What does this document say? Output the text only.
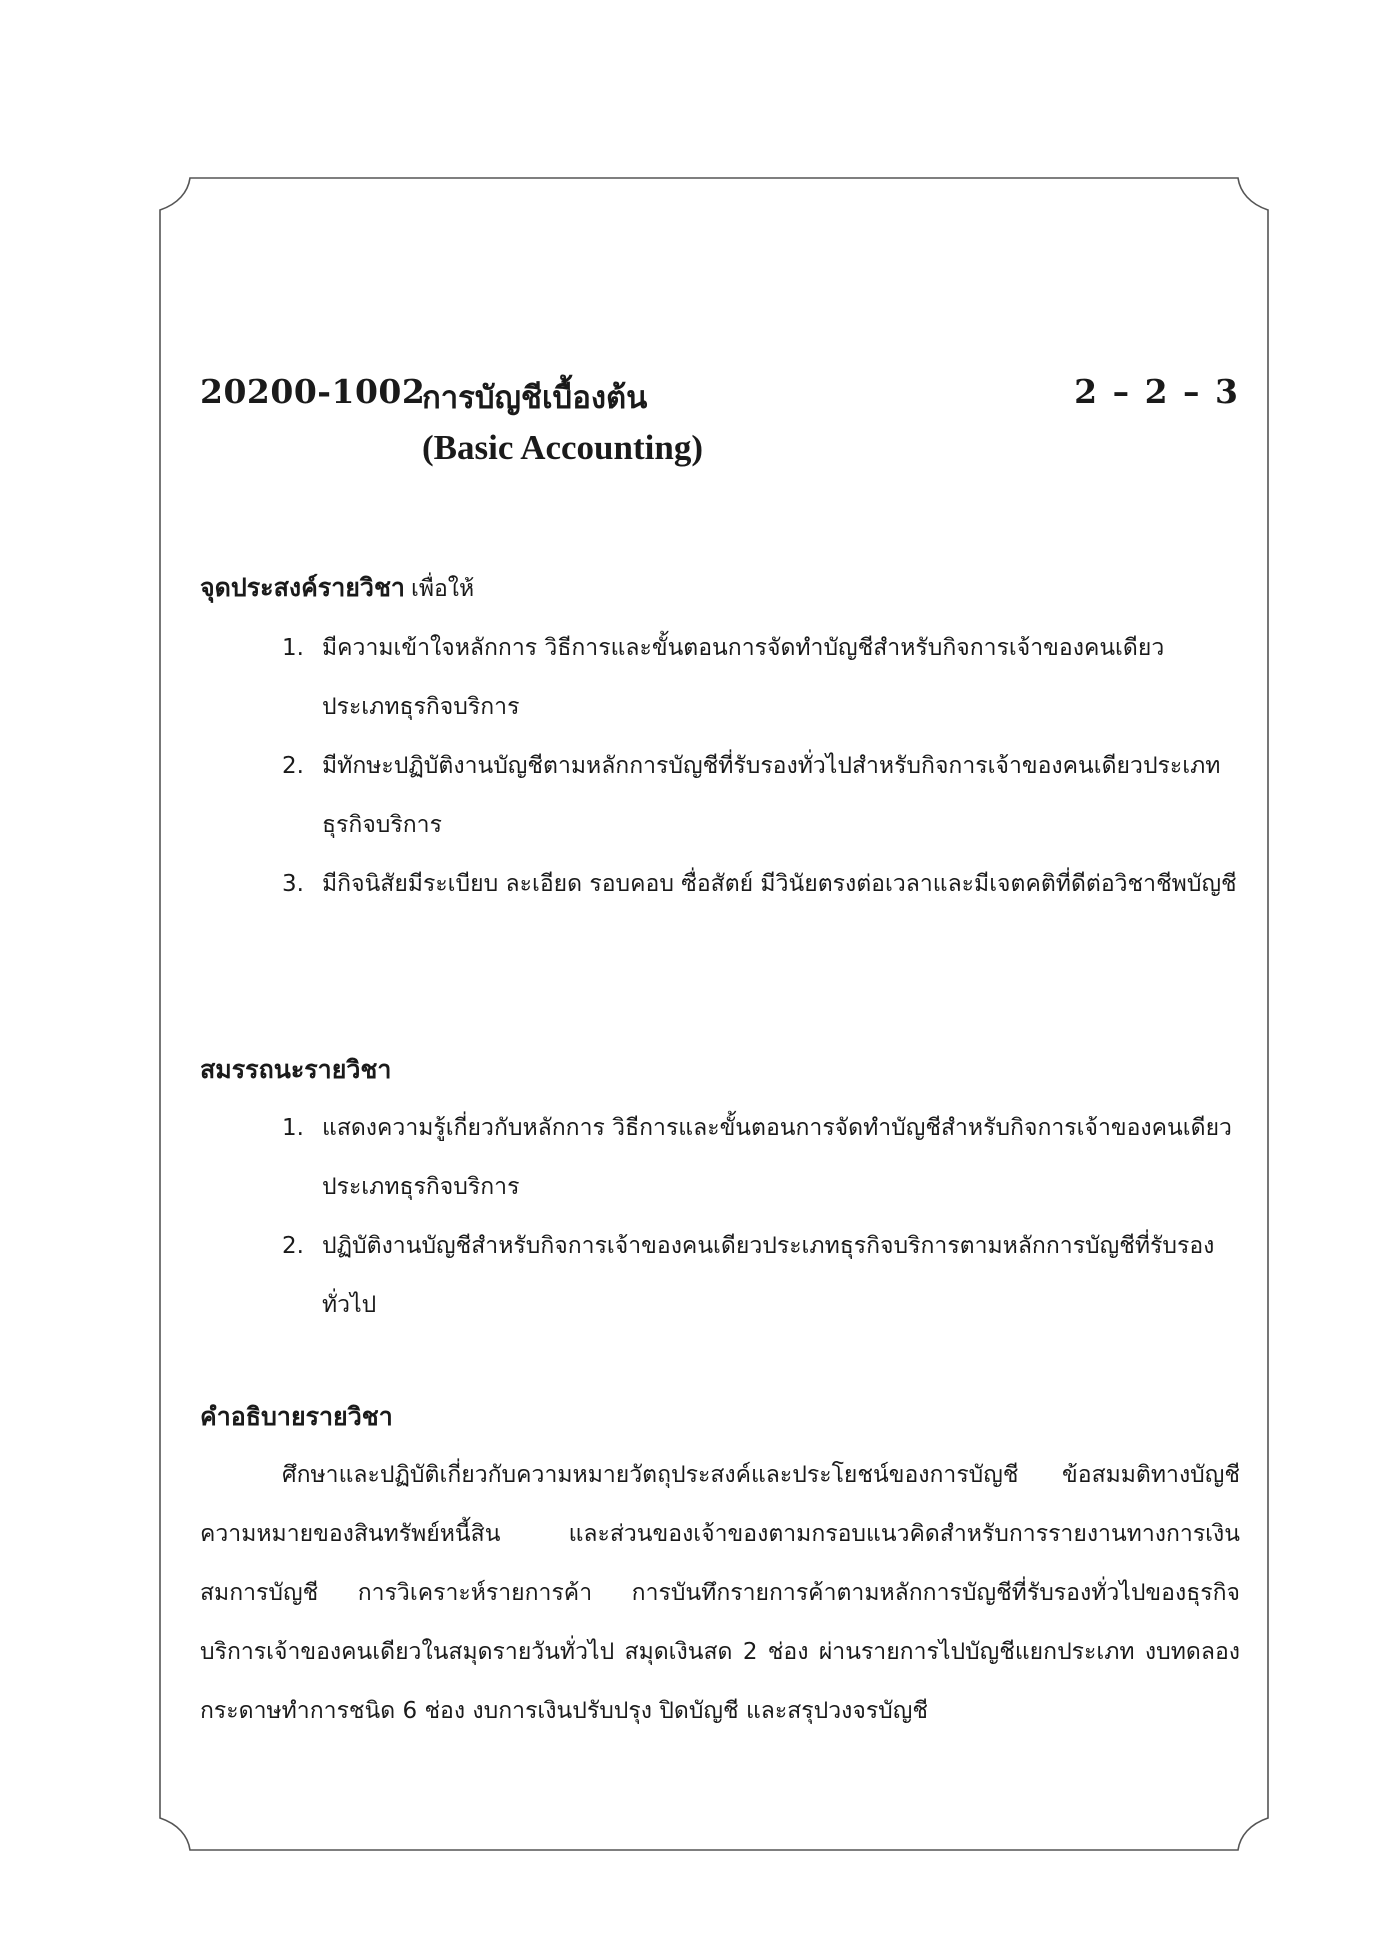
20200-1002
การบัญชีเบื้องต้น
(Basic Accounting)
2 – 2 – 3
จุดประสงค์รายวิชา เพื่อให้
1. มีความเข้าใจหลักการ วิธีการและขั้นตอนการจัดทำบัญชีสำหรับกิจการเจ้าของคนเดียวประเภทธุรกิจบริการ
2. มีทักษะปฏิบัติงานบัญชีตามหลักการบัญชีที่รับรองทั่วไปสำหรับกิจการเจ้าของคนเดียวประเภทธุรกิจบริการ
3. มีกิจนิสัยมีระเบียบ ละเอียด รอบคอบ ซื่อสัตย์ มีวินัยตรงต่อเวลาและมีเจตคติที่ดีต่อวิชาชีพบัญชี
สมรรถนะรายวิชา
1. แสดงความรู้เกี่ยวกับหลักการ วิธีการและขั้นตอนการจัดทำบัญชีสำหรับกิจการเจ้าของคนเดียวประเภทธุรกิจบริการ
2. ปฏิบัติงานบัญชีสำหรับกิจการเจ้าของคนเดียวประเภทธุรกิจบริการตามหลักการบัญชีที่รับรองทั่วไป
คำอธิบายรายวิชา

ศึกษาและปฏิบัติเกี่ยวกับความหมายวัตถุประสงค์และประโยชน์ของการบัญชี ข้อสมมติทางบัญชี ความหมายของสินทรัพย์หนี้สิน และส่วนของเจ้าของตามกรอบแนวคิดสำหรับการรายงานทางการเงิน สมการบัญชี การวิเคราะห์รายการค้า การบันทึกรายการค้าตามหลักการบัญชีที่รับรองทั่วไปของธุรกิจบริการเจ้าของคนเดียวในสมุดรายวันทั่วไป สมุดเงินสด 2 ช่อง ผ่านรายการไปบัญชีแยกประเภท งบทดลอง กระดาษทำการชนิด 6 ช่อง งบการเงินปรับปรุง ปิดบัญชี และสรุปวงจรบัญชี
